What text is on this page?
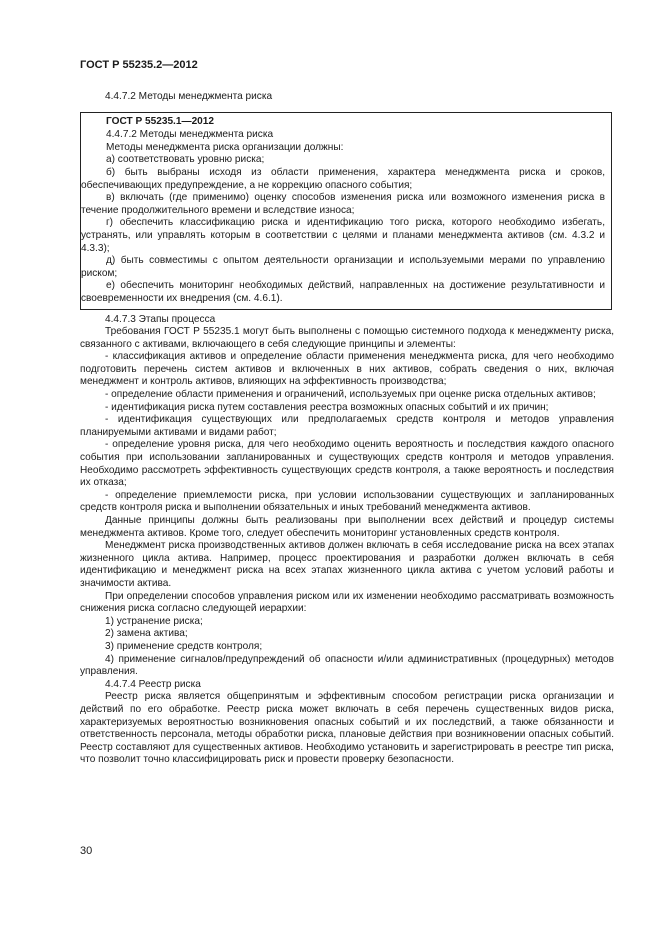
ГОСТ Р 55235.2—2012

4.4.7.2 Методы менеджмента риска

ГОСТ Р 55235.1—2012

4.4.7.2 Методы менеджмента риска

Методы менеджмента риска организации должны:

а) соответствовать уровню риска;

б) быть выбраны исходя из области применения, характера менеджмента риска и сроков, обеспечивающих предупреждение, а не коррекцию опасного события;

в) включать (где применимо) оценку способов изменения риска или возможного изменения риска в течение продолжительного времени и вследствие износа;

г) обеспечить классификацию риска и идентификацию того риска, которого необходимо избегать, устранять, или управлять которым в соответствии с целями и планами менеджмента активов (см. 4.3.2 и 4.3.3);

д) быть совместимы с опытом деятельности организации и используемыми мерами по управлению риском;

е) обеспечить мониторинг необходимых действий, направленных на достижение результативности и своевременности их внедрения (см. 4.6.1).

4.4.7.3 Этапы процесса

Требования ГОСТ Р 55235.1 могут быть выполнены с помощью системного подхода к менеджменту риска, связанного с активами, включающего в себя следующие принципы и элементы:

- классификация активов и определение области применения менеджмента риска, для чего необходимо подготовить перечень систем активов и включенных в них активов, собрать сведения о них, включая менеджмент и контроль активов, влияющих на эффективность производства;

- определение области применения и ограничений, используемых при оценке риска отдельных активов;

- идентификация риска путем составления реестра возможных опасных событий и их причин;

- идентификация существующих или предполагаемых средств контроля и методов управления планируемыми активами и видами работ;

- определение уровня риска, для чего необходимо оценить вероятность и последствия каждого опасного события при использовании запланированных и существующих средств контроля и методов управления. Необходимо рассмотреть эффективность существующих средств контроля, а также вероятность и последствия их отказа;

- определение приемлемости риска, при условии использовании существующих и запланированных средств контроля риска и выполнении обязательных и иных требований менеджмента активов.

Данные принципы должны быть реализованы при выполнении всех действий и процедур системы менеджмента активов. Кроме того, следует обеспечить мониторинг установленных средств контроля.

Менеджмент риска производственных активов должен включать в себя исследование риска на всех этапах жизненного цикла актива. Например, процесс проектирования и разработки должен включать в себя идентификацию и менеджмент риска на всех этапах жизненного цикла актива с учетом условий работы и значимости актива.

При определении способов управления риском или их изменении необходимо рассматривать возможность снижения риска согласно следующей иерархии:

1) устранение риска;

2) замена актива;

3) применение средств контроля;

4) применение сигналов/предупреждений об опасности и/или административных (процедурных) методов управления.

4.4.7.4 Реестр риска

Реестр риска является общепринятым и эффективным способом регистрации риска организации и действий по его обработке. Реестр риска может включать в себя перечень существенных видов риска, характеризуемых вероятностью возникновения опасных событий и их последствий, а также обязанности и ответственность персонала, методы обработки риска, плановые действия при возникновении опасных событий. Реестр составляют для существенных активов. Необходимо установить и зарегистрировать в реестре тип риска, что позволит точно классифицировать риск и провести проверку безопасности.

30
